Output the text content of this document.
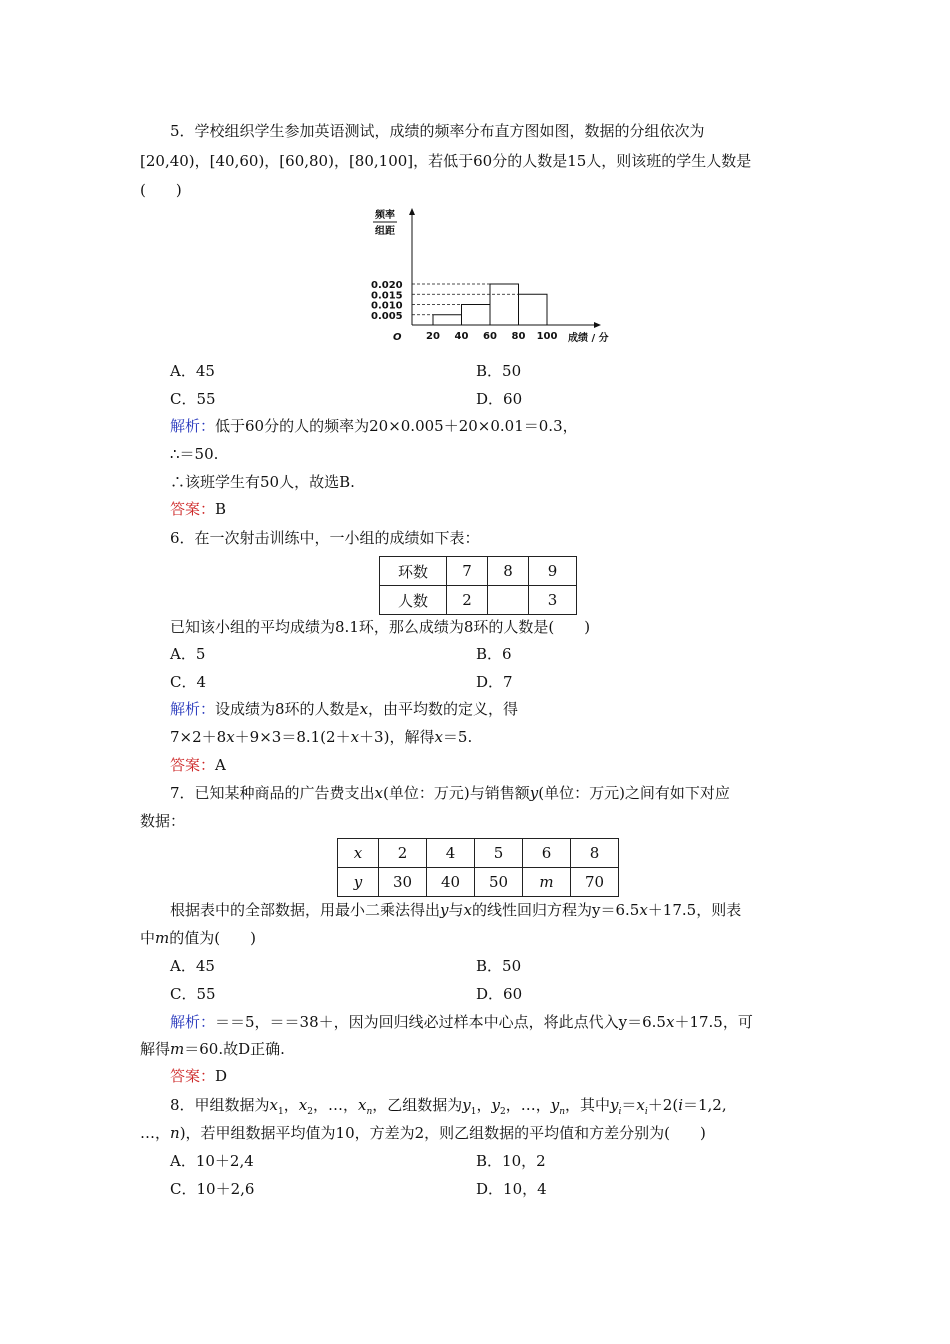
5．学校组织学生参加英语测试，成绩的频率分布直方图如图，数据的分组依次为
[20,40)，[40,60)，[60,80)，[80,100]，若低于60分的人数是15人，则该班的学生人数是
(　　)
频率
组距
O
0.005
0.010
0.015
0.020
20 40 60 80 100 成绩 / 分
A．45	B．50
C．55	D．60
解析：低于60分的人的频率为20×0.005＋20×0.01＝0.3，
∴＝50.
∴该班学生有50人，故选B.
答案：B
6．在一次射击训练中，一小组的成绩如下表：
环数	7	8	9
人数	2		3
已知该小组的平均成绩为8.1环，那么成绩为8环的人数是(　　)
A．5	B．6
C．4	D．7
解析：设成绩为8环的人数是x，由平均数的定义，得
7×2＋8x＋9×3＝8.1(2＋x＋3)，解得x＝5.
答案：A
7．已知某种商品的广告费支出x(单位：万元)与销售额y(单位：万元)之间有如下对应
数据：
x	2	4	5	6	8
y	30	40	50	m	70
根据表中的全部数据，用最小二乘法得出y与x的线性回归方程为y＝6.5x＋17.5，则表
中m的值为(　　)
A．45	B．50
C．55	D．60
解析：＝＝5，＝＝38＋，因为回归线必过样本中心点，将此点代入y＝6.5x＋17.5，可
解得m＝60.故D正确.
答案：D
8．甲组数据为$x_1$，$x_2$，…，$x_n$，乙组数据为$y_1$，$y_2$，…，$y_n$，其中$y_i=x_i+2(i=1,2$,
…，n)，若甲组数据平均值为10，方差为2，则乙组数据的平均值和方差分别为(　　)
A．10＋2,4	B．10，2
C．10＋2,6	D．10，4
